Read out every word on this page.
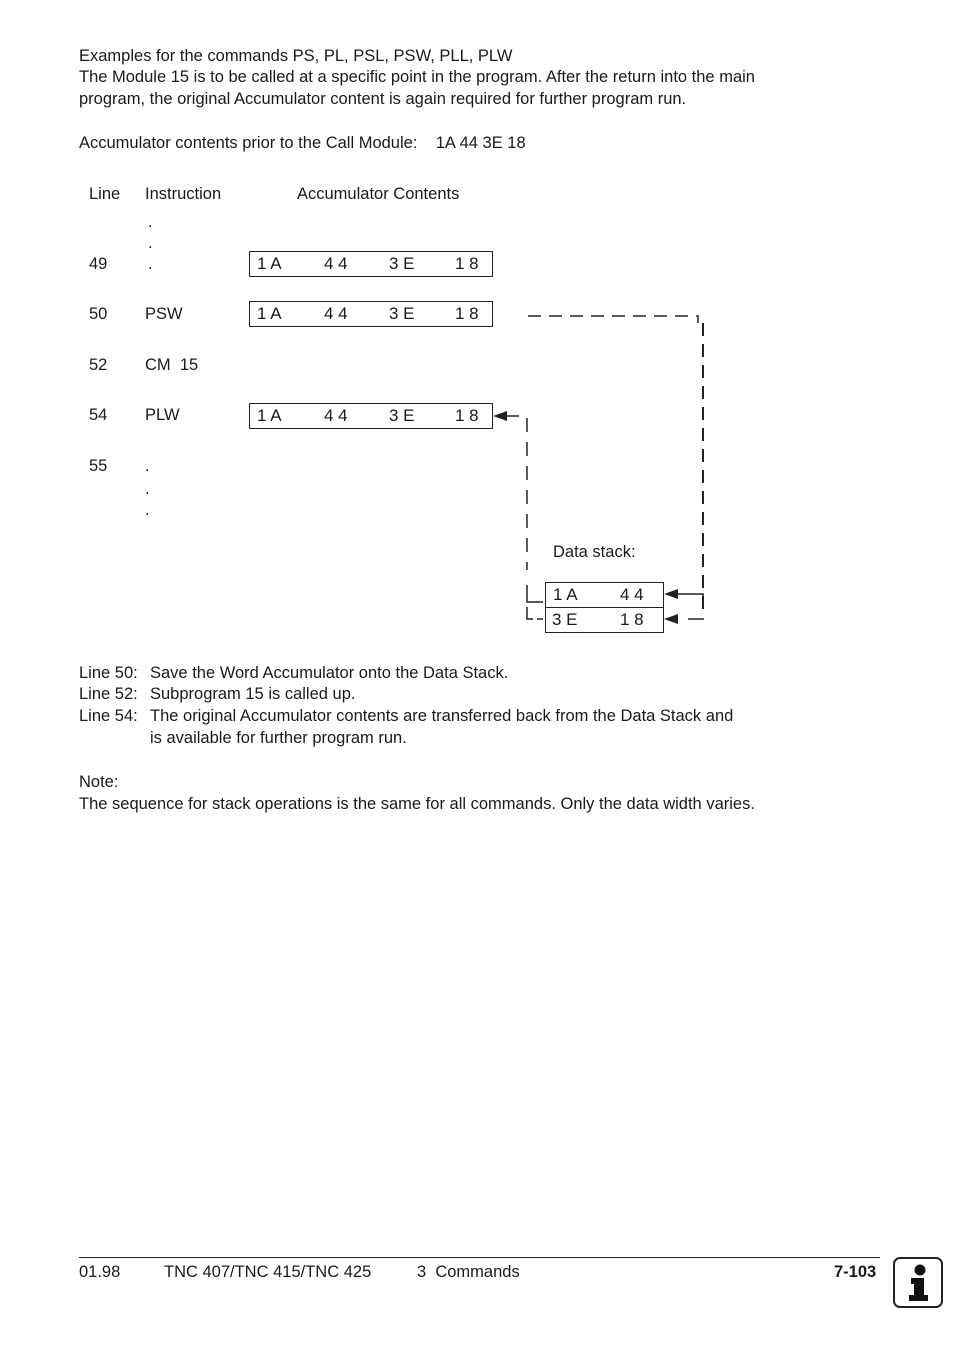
Examples for the commands PS, PL, PSL, PSW, PLL, PLW
The Module 15 is to be called at a specific point in the program. After the return into the main
program, the original Accumulator content is again required for further program run.
Accumulator contents prior to the Call Module:    1A 44 3E 18
Line Instruction	Accumulator Contents
.
.
49 .	1 A 4 4 3 E 1 8
50 PSW	1 A 4 4 3 E 1 8
52 CM  15
54 PLW	1 A 4 4 3 E 1 8
55 .
.
.
Data stack:
1 A 4 4
3 E 1 8
Line 50: Save the Word Accumulator onto the Data Stack.
Line 52: Subprogram 15 is called up.
Line 54: The original Accumulator contents are transferred back from the Data Stack and
is available for further program run.
Note:
The sequence for stack operations is the same for all commands. Only the data width varies.
01.98	TNC 407/TNC 415/TNC 425	3  Commands	7-103
